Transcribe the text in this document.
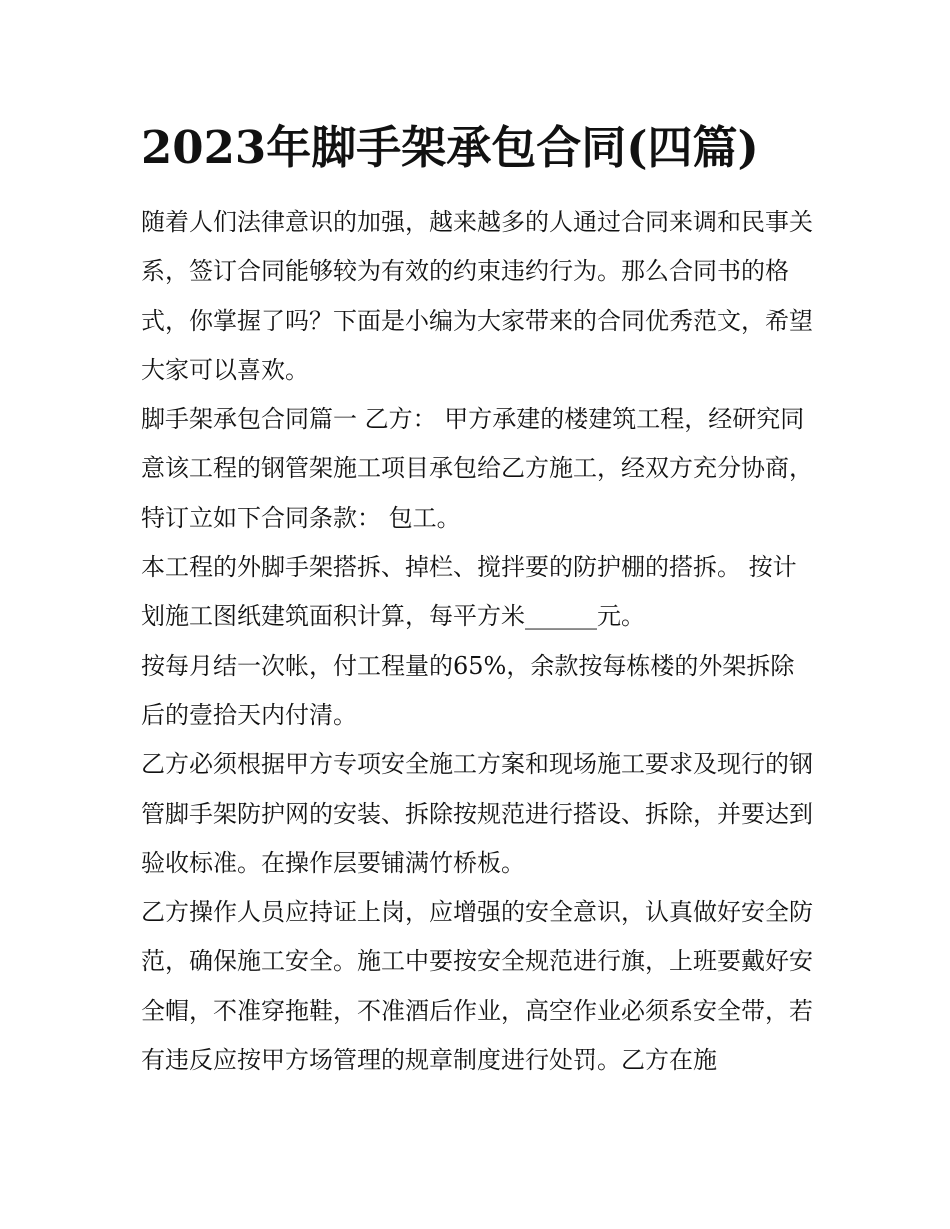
2023年脚手架承包合同(四篇)

随着人们法律意识的加强，越来越多的人通过合同来调和民事关系，签订合同能够较为有效的约束违约行为。那么合同书的格式，你掌握了吗？下面是小编为大家带来的合同优秀范文，希望大家可以喜欢。

脚手架承包合同篇一 乙方： 甲方承建的楼建筑工程，经研究同意该工程的钢管架施工项目承包给乙方施工，经双方充分协商，特订立如下合同条款： 包工。

本工程的外脚手架搭拆、掉栏、搅拌要的防护棚的搭拆。 按计划施工图纸建筑面积计算，每平方米______元。

按每月结一次帐，付工程量的65%，余款按每栋楼的外架拆除后的壹拾天内付清。

乙方必须根据甲方专项安全施工方案和现场施工要求及现行的钢管脚手架防护网的安装、拆除按规范进行搭设、拆除，并要达到验收标准。在操作层要铺满竹桥板。

乙方操作人员应持证上岗，应增强的安全意识，认真做好安全防范，确保施工安全。施工中要按安全规范进行旗，上班要戴好安全帽，不准穿拖鞋，不准酒后作业，高空作业必须系安全带，若有违反应按甲方场管理的规章制度进行处罚。乙方在施
